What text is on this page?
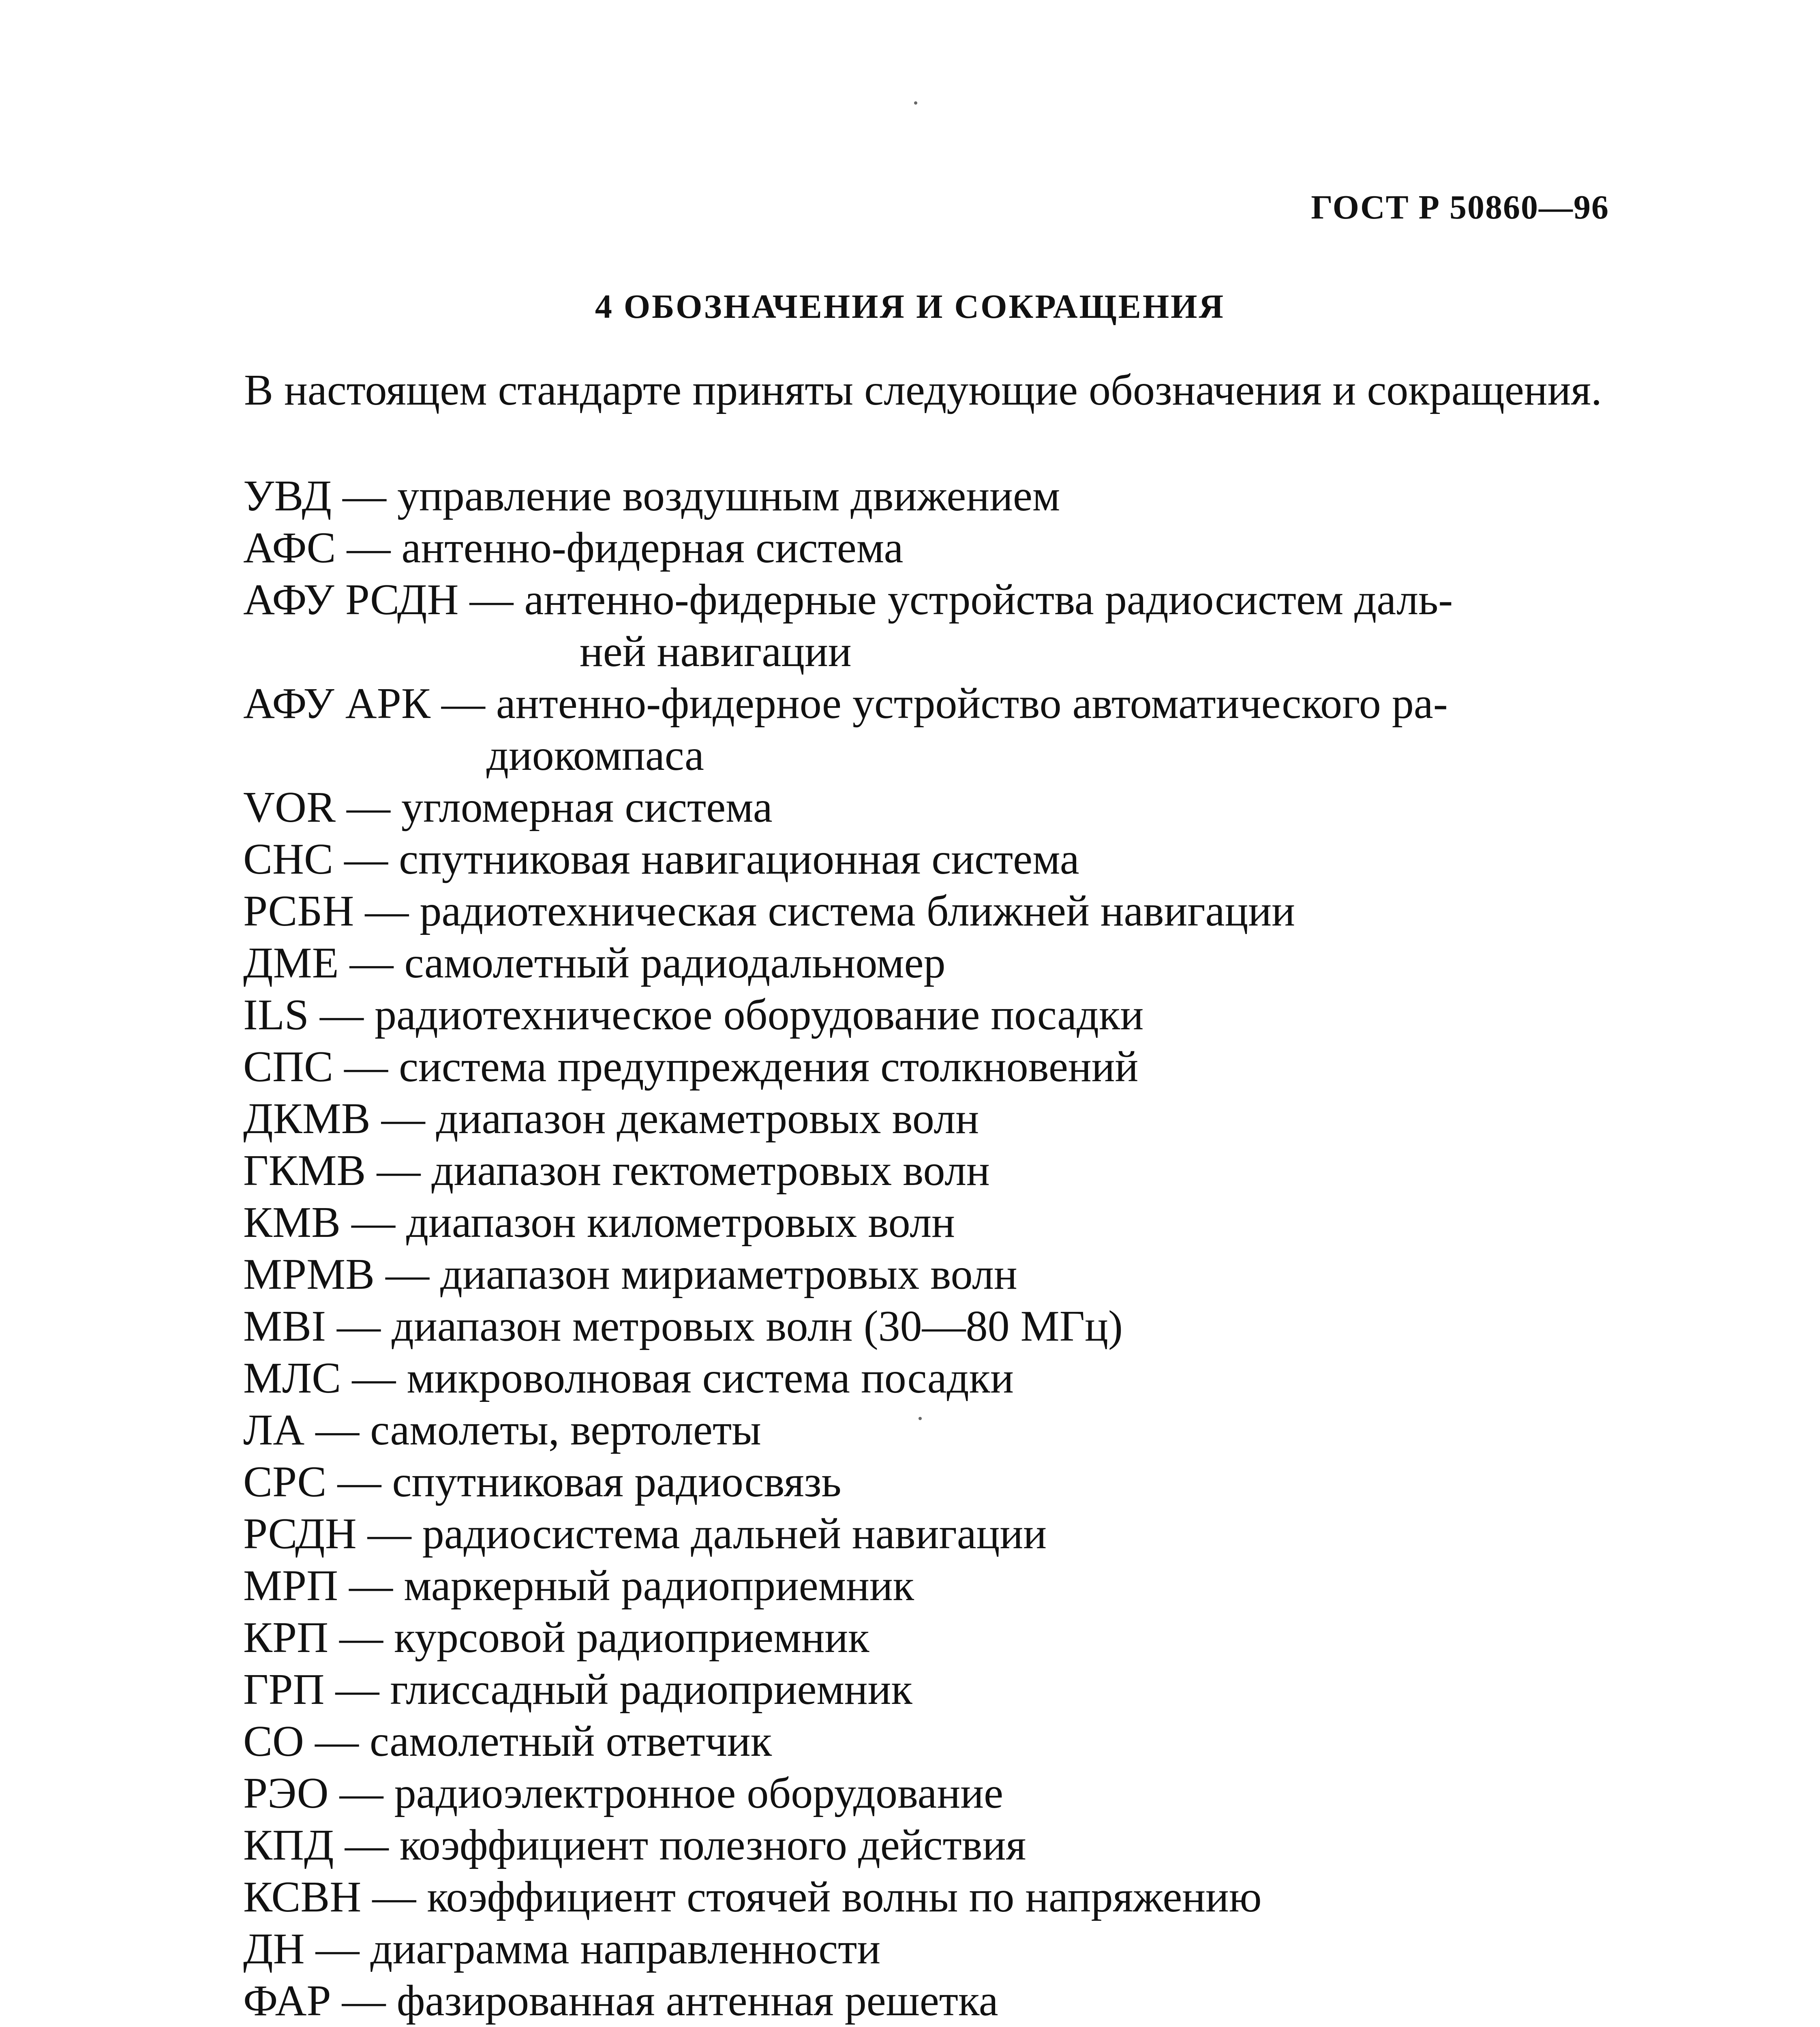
ГОСТ Р 50860—96
4 ОБОЗНАЧЕНИЯ И СОКРАЩЕНИЯ
В настоящем стандарте приняты следующие обозначения и сокращения.
УВД — управление воздушным движением
АФС — антенно-фидерная система
АФУ РСДН — антенно-фидерные устройства радиосистем даль-
ней навигации
АФУ АРК — антенно-фидерное устройство автоматического ра-
диокомпаса
VOR — угломерная система
СНС — спутниковая навигационная система
РСБН — радиотехническая система ближней навигации
ДМЕ — самолетный радиодальномер
ILS — радиотехническое оборудование посадки
СПС — система предупреждения столкновений
ДКМВ — диапазон декаметровых волн
ГКМВ — диапазон гектометровых волн
КМВ — диапазон километровых волн
МРМВ — диапазон мириаметровых волн
MBI — диапазон метровых волн (30—80 МГц)
МЛС — микроволновая система посадки
ЛА — самолеты, вертолеты
СРС — спутниковая радиосвязь
РСДН — радиосистема дальней навигации
МРП — маркерный радиоприемник
КРП — курсовой радиоприемник
ГРП — глиссадный радиоприемник
СО — самолетный ответчик
РЭО — радиоэлектронное оборудование
КПД — коэффициент полезного действия
КСВН — коэффициент стоячей волны по напряжению
ДН — диаграмма направленности
ФАР — фазированная антенная решетка
